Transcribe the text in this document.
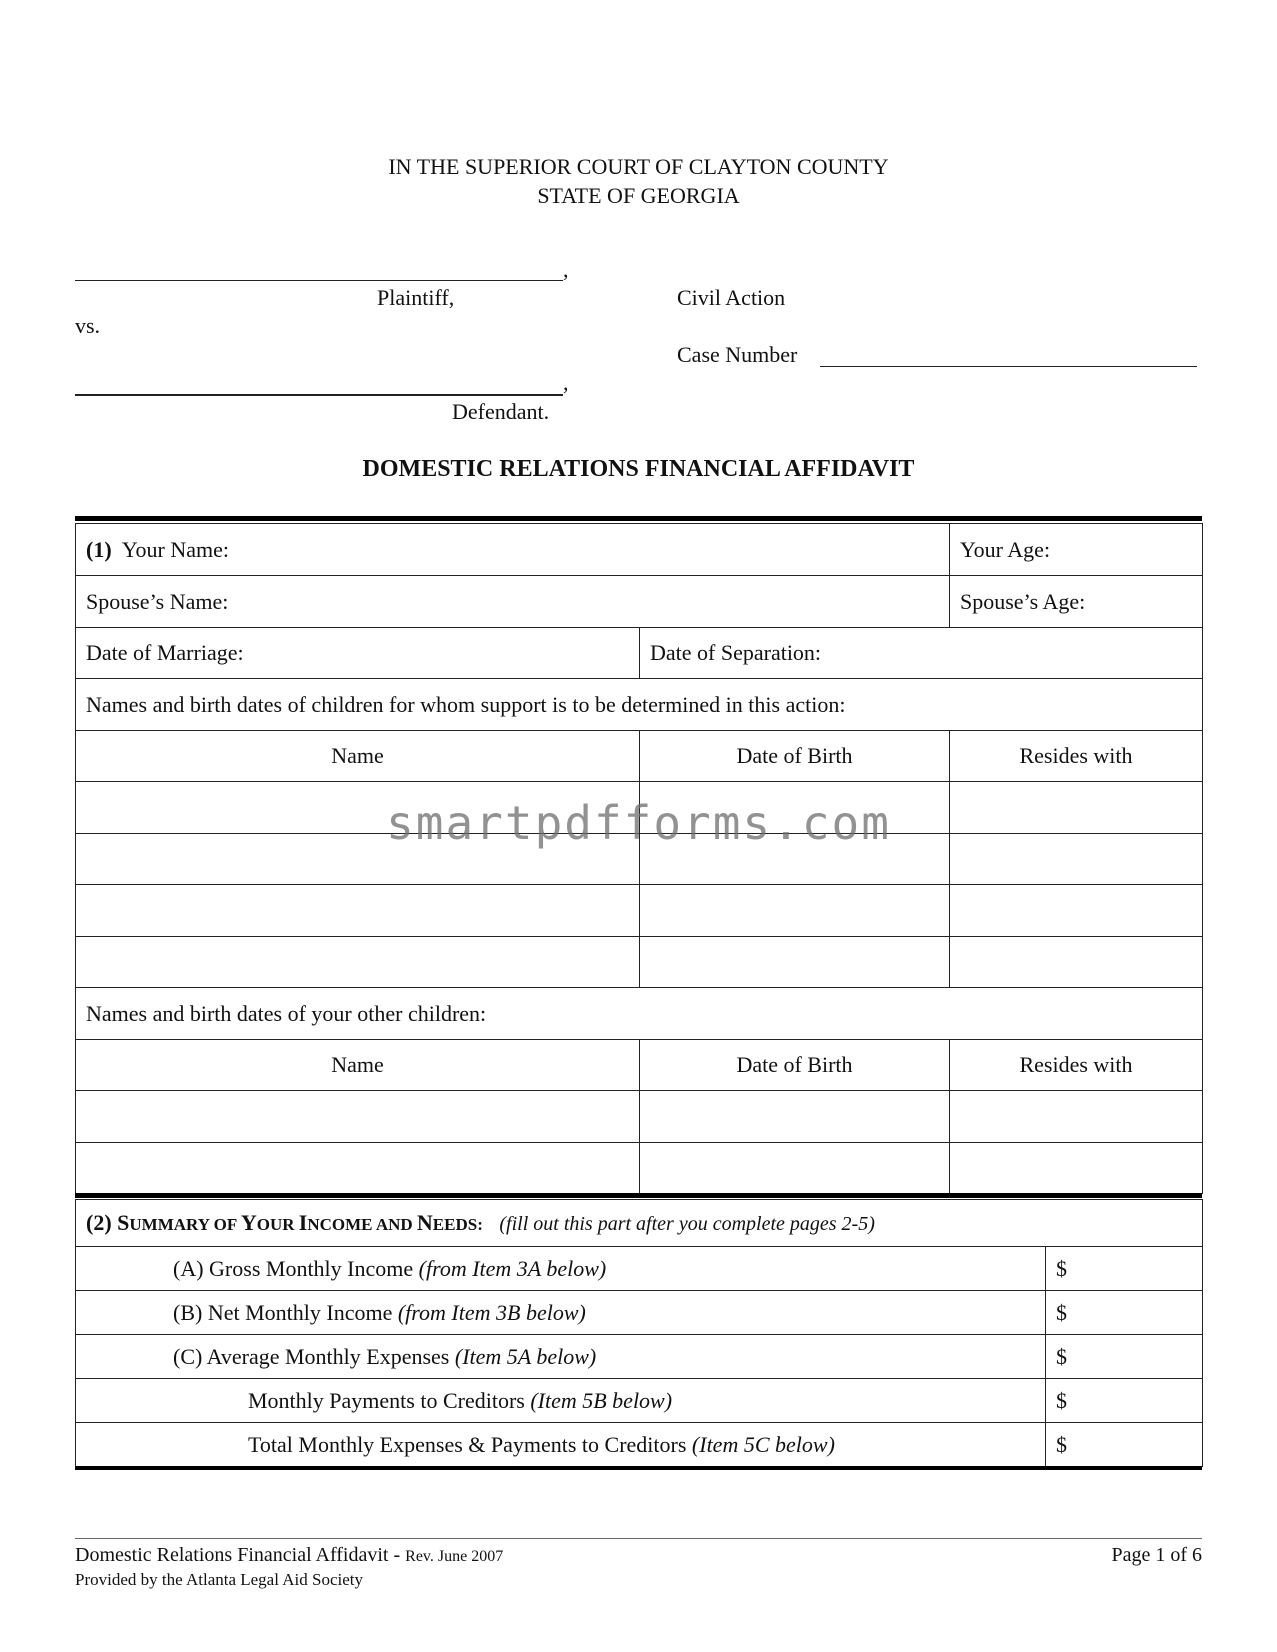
IN THE SUPERIOR COURT OF CLAYTON COUNTY
STATE OF GEORGIA
,
Plaintiff,
vs.
,
Defendant.
Civil Action
Case Number
DOMESTIC RELATIONS FINANCIAL AFFIDAVIT
(1) Your Name:		Your Age:
Spouse’s Name:		Spouse’s Age:
Date of Marriage:	Date of Separation:	
Names and birth dates of children for whom support is to be determined in this action:		
Name	Date of Birth	Resides with

Names and birth dates of your other children:		
Name	Date of Birth	Resides with

(2) SUMMARY OF YOUR INCOME AND NEEDS: (fill out this part after you complete pages 2-5)	
(A) Gross Monthly Income (from Item 3A below)	$
(B) Net Monthly Income (from Item 3B below)	$
(C) Average Monthly Expenses (Item 5A below)	$
Monthly Payments to Creditors (Item 5B below)	$
Total Monthly Expenses & Payments to Creditors (Item 5C below)	$
smartpdfforms.com
Domestic Relations Financial Affidavit - Rev. June 2007
Provided by the Atlanta Legal Aid Society
Page 1 of 6
